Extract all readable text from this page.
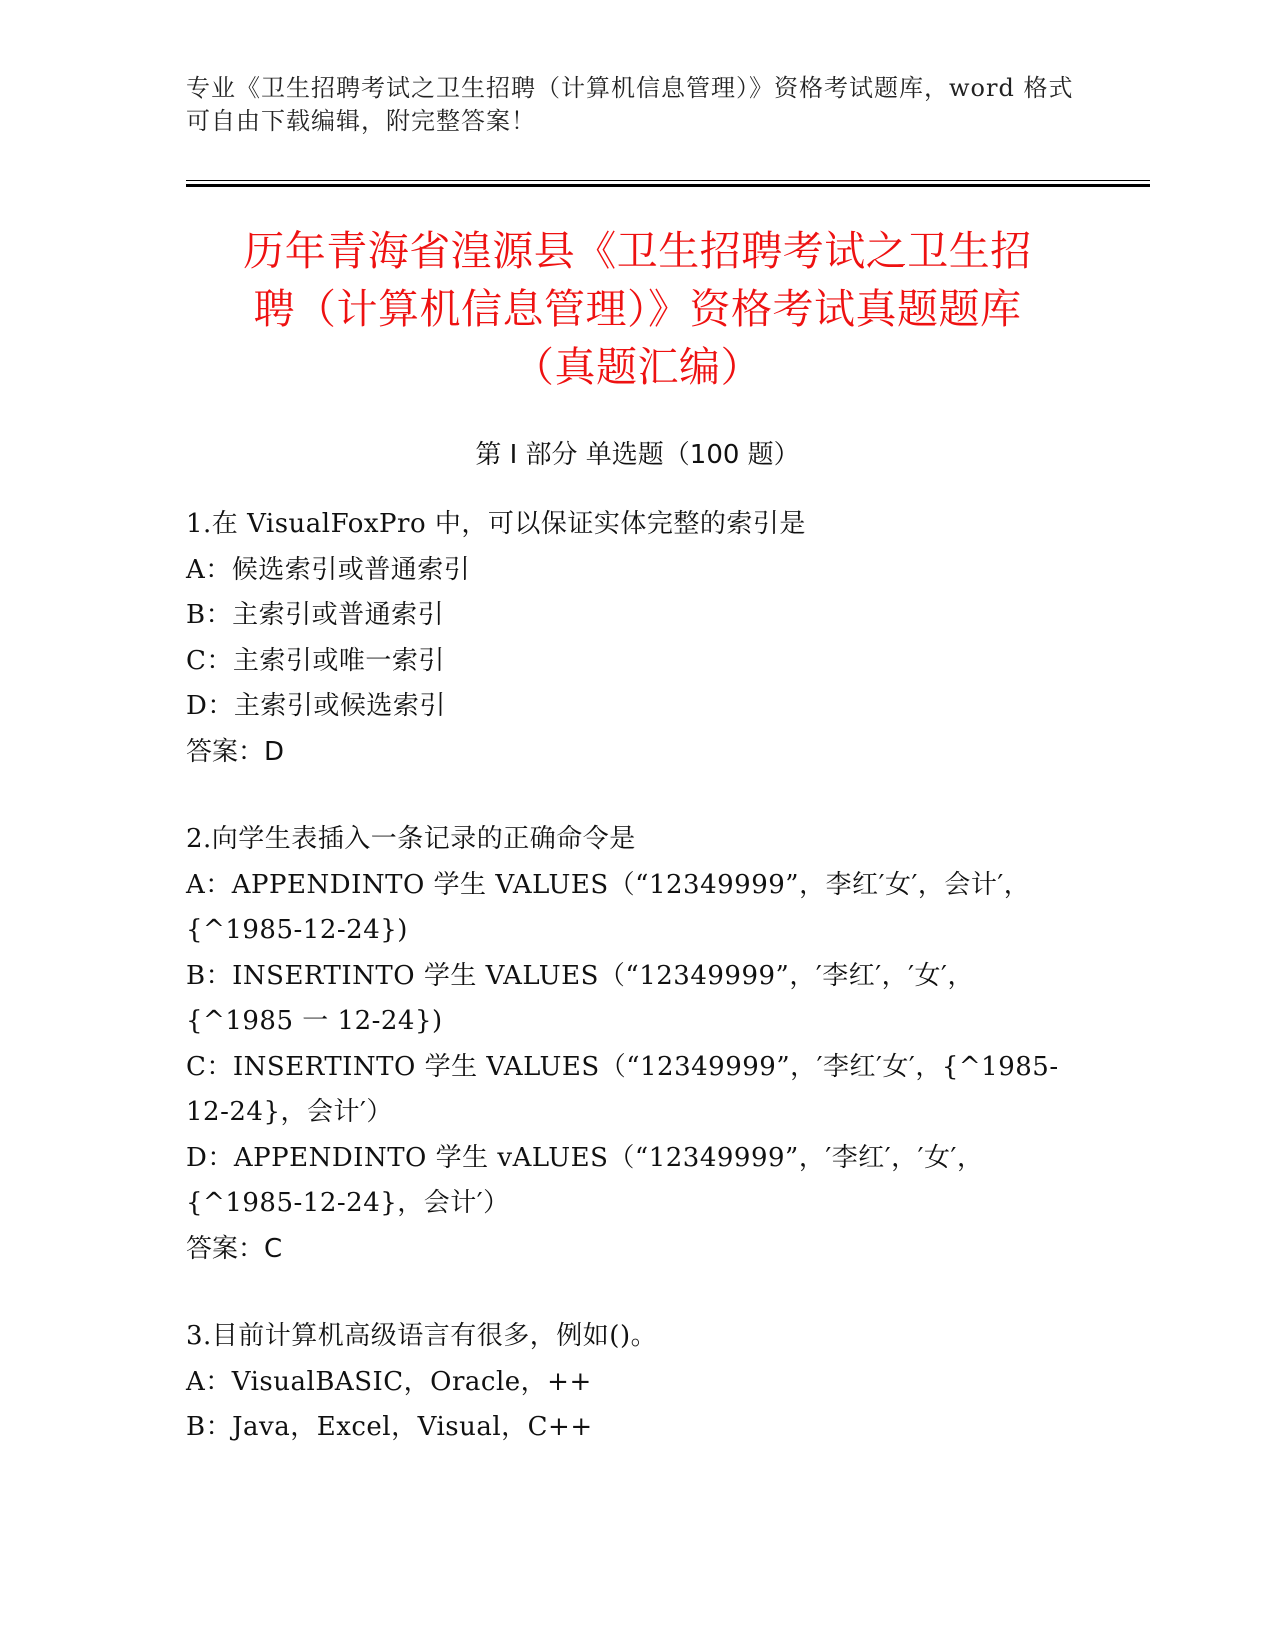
专业《卫生招聘考试之卫生招聘（计算机信息管理）》资格考试题库，word 格式
可自由下载编辑，附完整答案！
历年青海省湟源县《卫生招聘考试之卫生招
聘（计算机信息管理）》资格考试真题题库
（真题汇编）
第 I 部分 单选题（100 题）
1.在 VisualFoxPro 中，可以保证实体完整的索引是
A：候选索引或普通索引
B：主索引或普通索引
C：主索引或唯一索引
D：主索引或候选索引
答案：D
2.向学生表插入一条记录的正确命令是
A：APPENDINTO 学生 VALUES（“12349999”，李红′女′，会计′，
{^1985-12-24})
B：INSERTINTO 学生 VALUES（“12349999”，′李红′，′女′，
{^1985 一 12-24})
C：INSERTINTO 学生 VALUES（“12349999”，′李红′女′，{^1985-
12-24}，会计′）
D：APPENDINTO 学生 vALUES（“12349999”，′李红′，′女′，
{^1985-12-24}，会计′）
答案：C
3.目前计算机高级语言有很多，例如()。
A：VisualBASIC，Oracle，++
B：Java，Excel，Visual，C++
